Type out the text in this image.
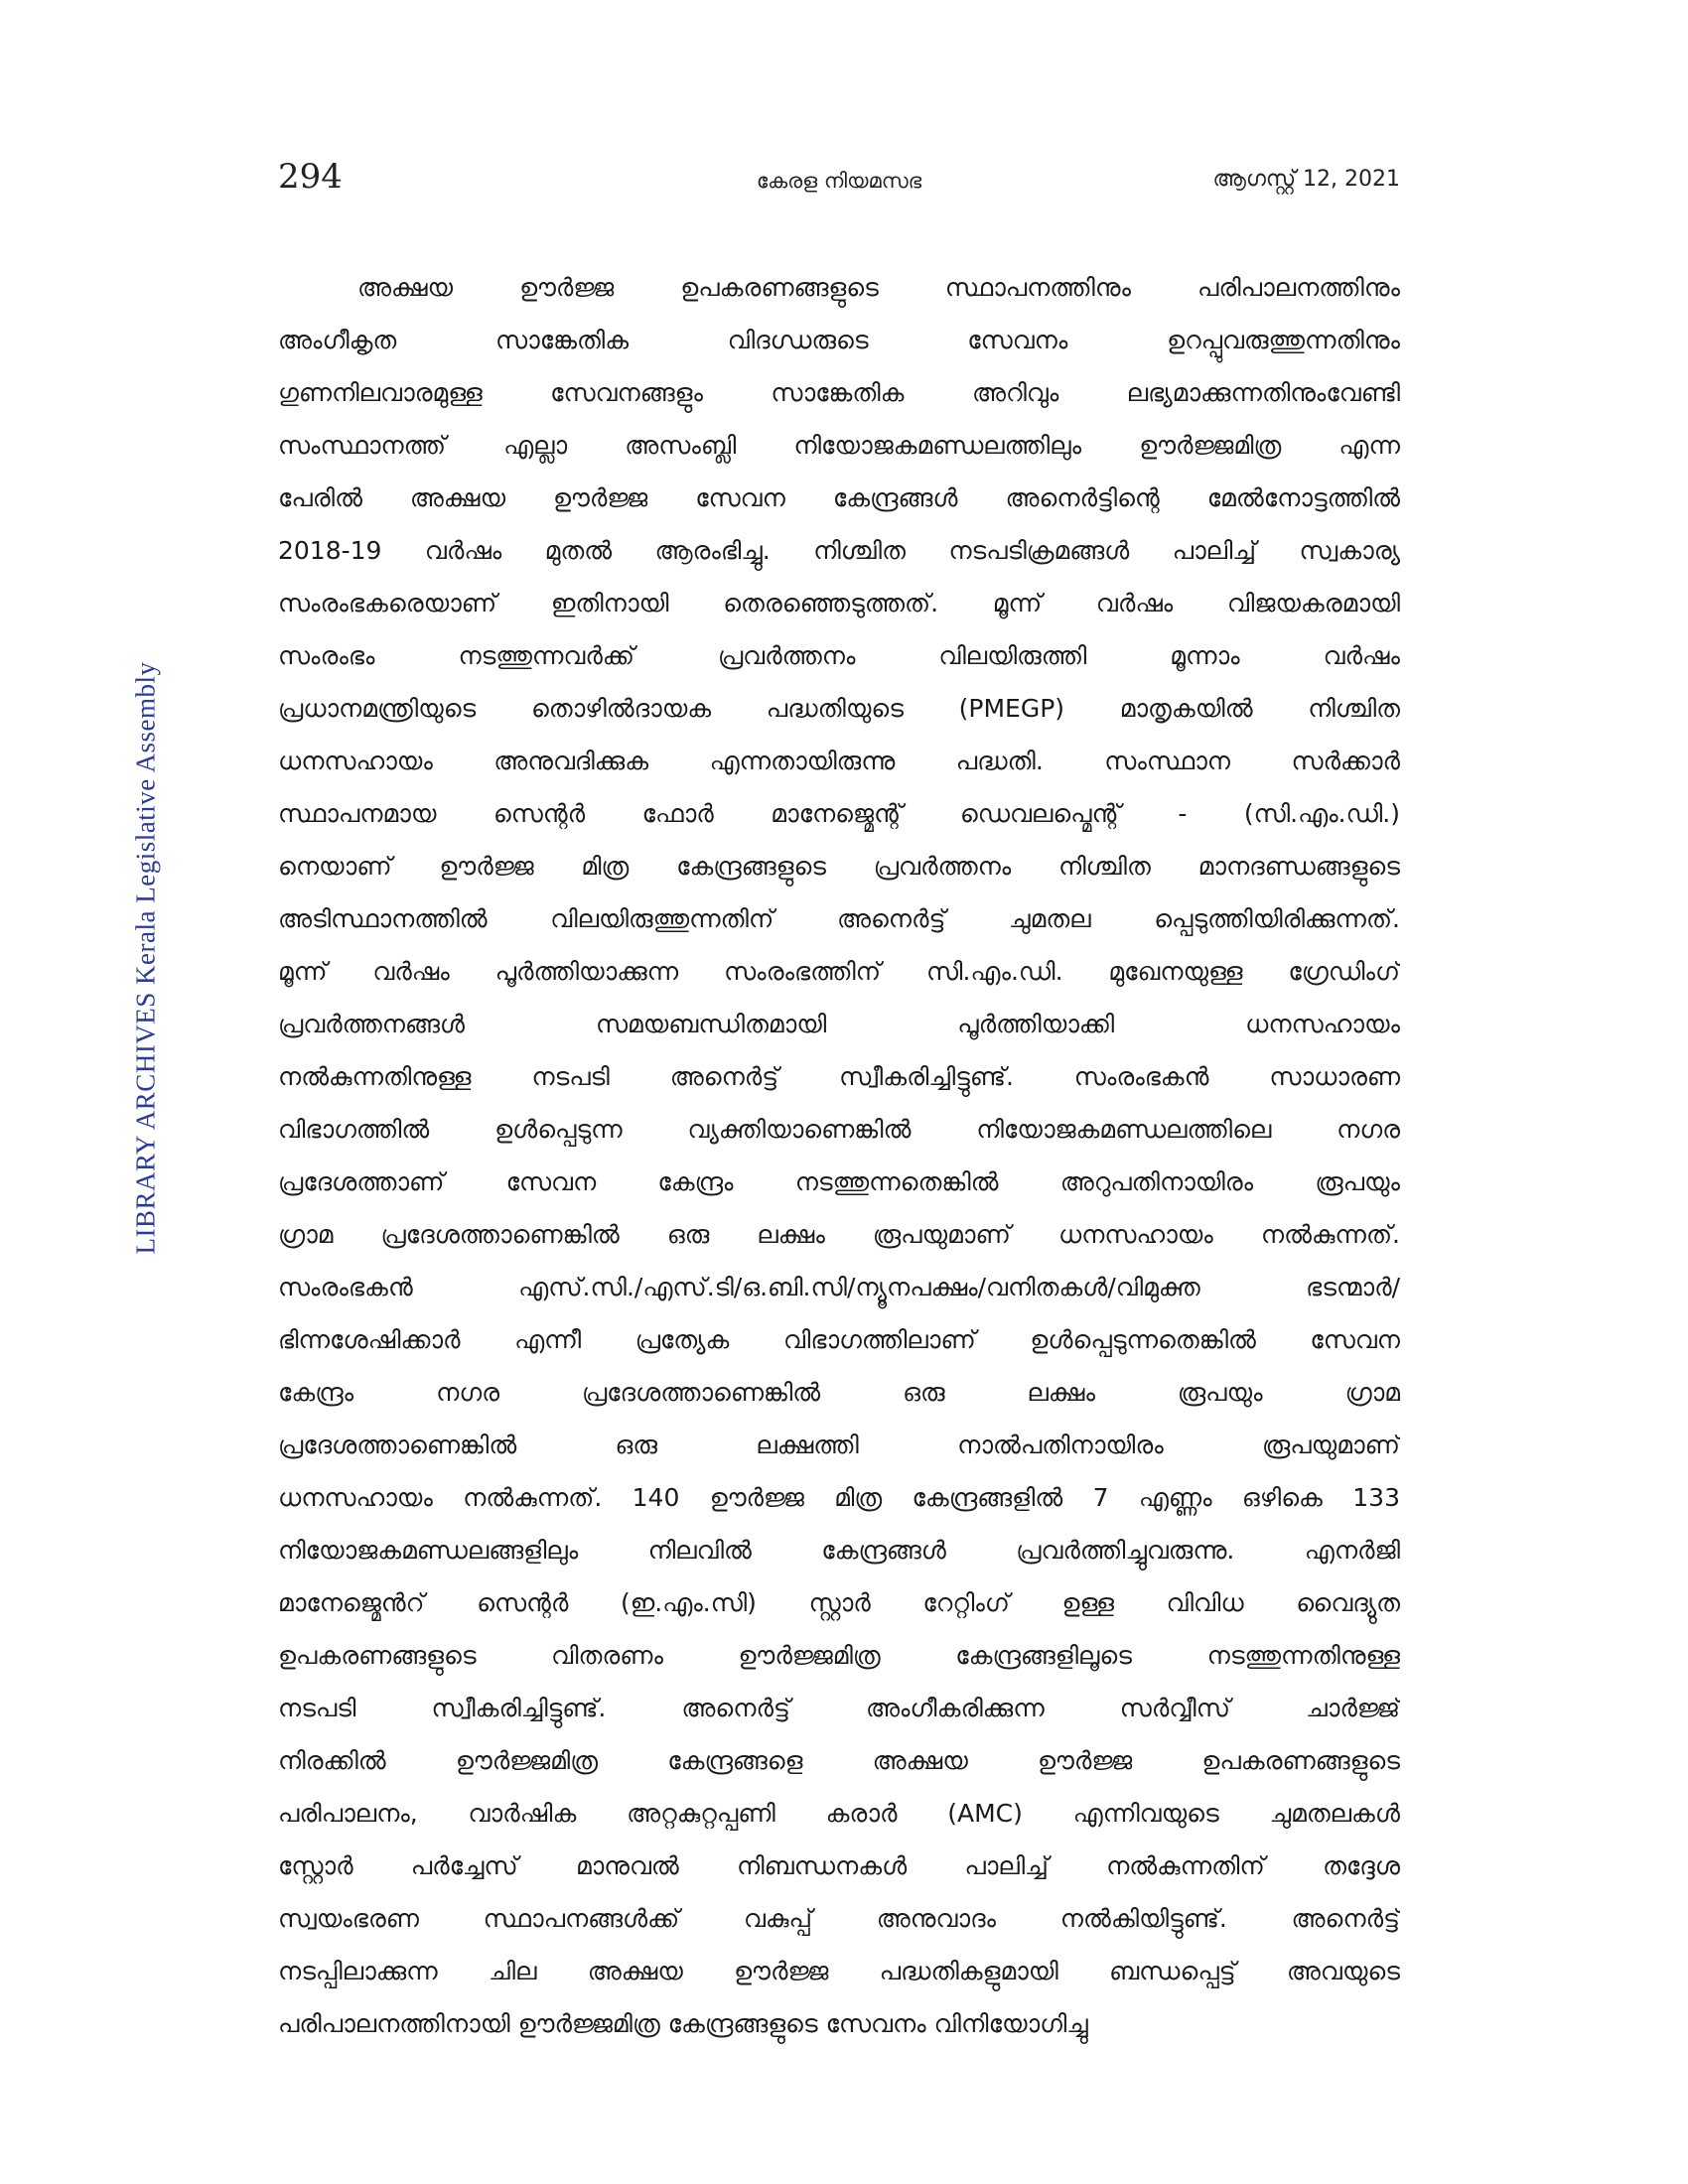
294	കേരള നിയമസഭ	ആഗസ്റ്റ് 12, 2021
LIBRARY ARCHIVES Kerala Legislative Assembly
അക്ഷയ ഊർജ്ജ ഉപകരണങ്ങളുടെ സ്ഥാപനത്തിനും പരിപാലനത്തിനും
അംഗീകൃത സാങ്കേതിക വിദഗ്ധരുടെ സേവനം ഉറപ്പുവരുത്തുന്നതിനും
ഗുണനിലവാരമുള്ള സേവനങ്ങളും സാങ്കേതിക അറിവും ലഭ്യമാക്കുന്നതിനുംവേണ്ടി
സംസ്ഥാനത്ത് എല്ലാ അസംബ്ലി നിയോജകമണ്ഡലത്തിലും ഊർജ്ജമിത്ര എന്ന
പേരിൽ അക്ഷയ ഊർജ്ജ സേവന കേന്ദ്രങ്ങൾ അനെർട്ടിന്റെ മേൽനോട്ടത്തിൽ
2018-19 വർഷം മുതൽ ആരംഭിച്ചു. നിശ്ചിത നടപടിക്രമങ്ങൾ പാലിച്ച് സ്വകാര്യ
സംരംഭകരെയാണ് ഇതിനായി തെരഞ്ഞെടുത്തത്. മൂന്ന് വർഷം വിജയകരമായി
സംരംഭം നടത്തുന്നവർക്ക് പ്രവർത്തനം വിലയിരുത്തി മൂന്നാം വർഷം
പ്രധാനമന്ത്രിയുടെ തൊഴിൽദായക പദ്ധതിയുടെ (PMEGP) മാതൃകയിൽ നിശ്ചിത
ധനസഹായം അനുവദിക്കുക എന്നതായിരുന്നു പദ്ധതി. സംസ്ഥാന സർക്കാർ
സ്ഥാപനമായ സെന്റർ ഫോർ മാനേജ്മെന്റ് ഡെവലപ്മെന്റ് - (സി.എം.ഡി.)
നെയാണ് ഊർജ്ജ മിത്ര കേന്ദ്രങ്ങളുടെ പ്രവർത്തനം നിശ്ചിത മാനദണ്ഡങ്ങളുടെ
അടിസ്ഥാനത്തിൽ വിലയിരുത്തുന്നതിന് അനെർട്ട് ചുമതല പ്പെടുത്തിയിരിക്കുന്നത്.
മൂന്ന് വർഷം പൂർത്തിയാക്കുന്ന സംരംഭത്തിന് സി.എം.ഡി. മുഖേനയുള്ള ഗ്രേഡിംഗ്
പ്രവർത്തനങ്ങൾ സമയബന്ധിതമായി പൂർത്തിയാക്കി ധനസഹായം
നൽകുന്നതിനുള്ള നടപടി അനെർട്ട് സ്വീകരിച്ചിട്ടുണ്ട്. സംരംഭകൻ സാധാരണ
വിഭാഗത്തിൽ ഉൾപ്പെടുന്ന വ്യക്തിയാണെങ്കിൽ നിയോജകമണ്ഡലത്തിലെ നഗര
പ്രദേശത്താണ് സേവന കേന്ദ്രം നടത്തുന്നതെങ്കിൽ അറുപതിനായിരം രൂപയും
ഗ്രാമ പ്രദേശത്താണെങ്കിൽ ഒരു ലക്ഷം രൂപയുമാണ് ധനസഹായം നൽകുന്നത്.
സംരംഭകൻ എസ്.സി./എസ്.ടി/ഒ.ബി.സി/ന്യൂനപക്ഷം/വനിതകൾ/വിമുക്ത ഭടന്മാർ/
ഭിന്നശേഷിക്കാർ എന്നീ പ്രത്യേക വിഭാഗത്തിലാണ് ഉൾപ്പെടുന്നതെങ്കിൽ സേവന
കേന്ദ്രം നഗര പ്രദേശത്താണെങ്കിൽ ഒരു ലക്ഷം രൂപയും ഗ്രാമ
പ്രദേശത്താണെങ്കിൽ ഒരു ലക്ഷത്തി നാൽപതിനായിരം രൂപയുമാണ്
ധനസഹായം നൽകുന്നത്. 140 ഊർജ്ജ മിത്ര കേന്ദ്രങ്ങളിൽ 7 എണ്ണം ഒഴികെ 133
നിയോജകമണ്ഡലങ്ങളിലും നിലവിൽ കേന്ദ്രങ്ങൾ പ്രവർത്തിച്ചുവരുന്നു. എനർജി
മാനേജ്മെൻറ് സെന്റർ (ഇ.എം.സി) സ്റ്റാർ റേറ്റിംഗ് ഉള്ള വിവിധ വൈദ്യുത
ഉപകരണങ്ങളുടെ വിതരണം ഊർജ്ജമിത്ര കേന്ദ്രങ്ങളിലൂടെ നടത്തുന്നതിനുള്ള
നടപടി സ്വീകരിച്ചിട്ടുണ്ട്. അനെർട്ട് അംഗീകരിക്കുന്ന സർവ്വീസ് ചാർജ്ജ്
നിരക്കിൽ ഊർജ്ജമിത്ര കേന്ദ്രങ്ങളെ അക്ഷയ ഊർജ്ജ ഉപകരണങ്ങളുടെ
പരിപാലനം, വാർഷിക അറ്റകുറ്റപ്പണി കരാർ (AMC) എന്നിവയുടെ ചുമതലകൾ
സ്റ്റോർ പർച്ചേസ് മാനുവൽ നിബന്ധനകൾ പാലിച്ച് നൽകുന്നതിന് തദ്ദേശ
സ്വയംഭരണ സ്ഥാപനങ്ങൾക്ക് വകുപ്പ് അനുവാദം നൽകിയിട്ടുണ്ട്. അനെർട്ട്
നടപ്പിലാക്കുന്ന ചില അക്ഷയ ഊർജ്ജ പദ്ധതികളുമായി ബന്ധപ്പെട്ട് അവയുടെ
പരിപാലനത്തിനായി ഊർജ്ജമിത്ര കേന്ദ്രങ്ങളുടെ സേവനം വിനിയോഗിച്ചു
